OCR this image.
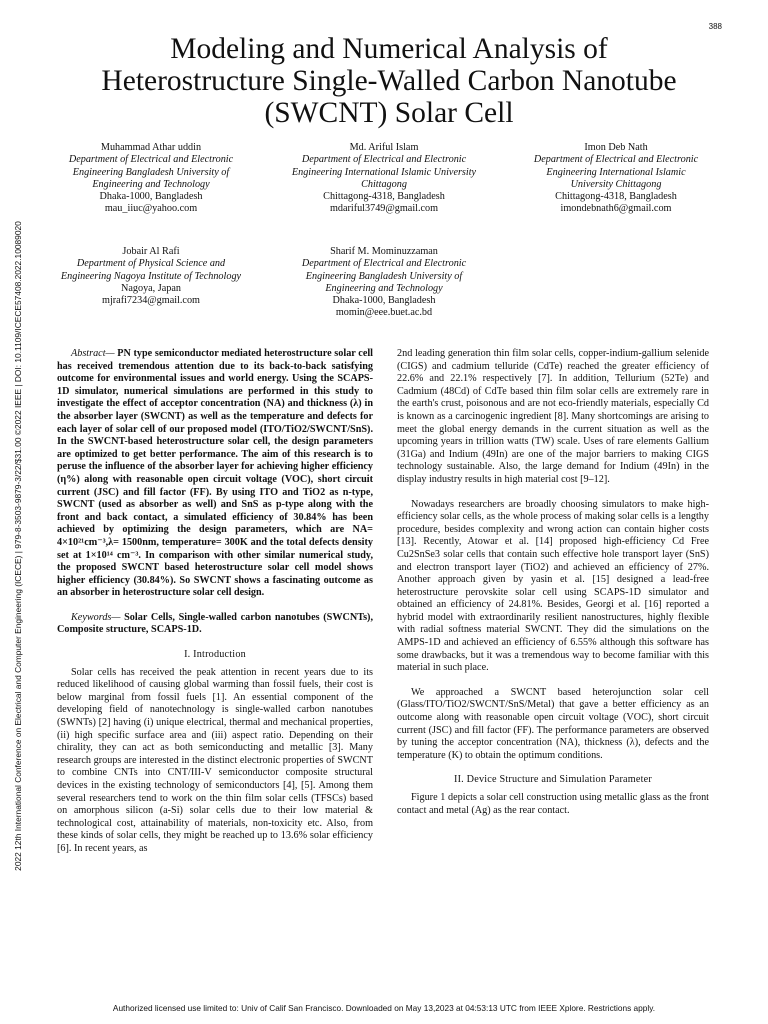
388
2022 12th International Conference on Electrical and Computer Engineering (ICECE) | 979-8-3503-9879-3/22/$31.00 ©2022 IEEE | DOI: 10.1109/ICECE57408.2022.10089020
Modeling and Numerical Analysis of
Heterostructure Single-Walled Carbon Nanotube
(SWCNT) Solar Cell
Muhammad Athar uddin
Department of Electrical and Electronic Engineering Bangladesh University of Engineering and Technology
Dhaka-1000, Bangladesh
mau_iiuc@yahoo.com
Md. Ariful Islam
Department of Electrical and Electronic Engineering International Islamic University Chittagong
Chittagong-4318, Bangladesh
mdariful3749@gmail.com
Imon Deb Nath
Department of Electrical and Electronic Engineering International Islamic University Chittagong
Chittagong-4318, Bangladesh
imondebnath6@gmail.com
Jobair Al Rafi
Department of Physical Science and Engineering Nagoya Institute of Technology
Nagoya, Japan
mjrafi7234@gmail.com
Sharif M. Mominuzzaman
Department of Electrical and Electronic Engineering Bangladesh University of Engineering and Technology
Dhaka-1000, Bangladesh
momin@eee.buet.ac.bd

Abstract— PN type semiconductor mediated heterostructure solar cell has received tremendous attention due to its back-to-back satisfying outcome for environmental issues and world energy. Using the SCAPS-1D simulator, numerical simulations are performed in this study to investigate the effect of acceptor concentration (NA) and thickness (λ) in the absorber layer (SWCNT) as well as the temperature and defects for each layer of solar cell of our proposed model (ITO/TiO2/SWCNT/SnS). In the SWCNT-based heterostructure solar cell, the design parameters are optimized to get better performance. The aim of this research is to peruse the influence of the absorber layer for achieving higher efficiency (η%) along with reasonable open circuit voltage (VOC), short circuit current (JSC) and fill factor (FF). By using ITO and TiO2 as n-type, SWCNT (used as absorber as well) and SnS as p-type along with the front and back contact, a simulated efficiency of 30.84% has been achieved by optimizing the design parameters, which are NA= 4×10²¹cm⁻³,λ= 1500nm, temperature= 300K and the total defects density set at 1×10¹⁴ cm⁻³. In comparison with other similar numerical study, the proposed SWCNT based heterostructure solar cell model shows higher efficiency (30.84%). So SWCNT shows a fascinating outcome as an absorber in heterostructure solar cell design.

Keywords— Solar Cells, Single-walled carbon nanotubes (SWCNTs), Composite structure, SCAPS-1D.

I. Introduction

Solar cells has received the peak attention in recent years due to its reduced likelihood of causing global warming than fossil fuels, their cost is below marginal from fossil fuels [1]. An essential component of the developing field of nanotechnology is single-walled carbon nanotubes (SWNTs) [2] having (i) unique electrical, thermal and mechanical properties, (ii) high specific surface area and (iii) aspect ratio. Depending on their chirality, they can act as both semiconducting and metallic [3]. Many research groups are interested in the distinct electronic properties of SWCNT to combine CNTs into CNT/III-V semiconductor composite structural devices in the existing technology of semiconductors [4], [5]. Among them several researchers tend to work on the thin film solar cells (TFSCs) based on amorphous silicon (a-Si) solar cells due to their low material & technological cost, attainability of materials, non-toxicity etc. Also, from these kinds of solar cells, they might be reached up to 13.6% solar efficiency [6]. In recent years, as

2nd leading generation thin film solar cells, copper-indium-gallium selenide (CIGS) and cadmium telluride (CdTe) reached the greater efficiency of 22.6% and 22.1% respectively [7]. In addition, Tellurium (52Te) and Cadmium (48Cd) of CdTe based thin film solar cells are extremely rare in the earth's crust, poisonous and are not eco-friendly materials, especially Cd is known as a carcinogenic ingredient [8]. Many shortcomings are arising to meet the global energy demands in the current situation as well as the upcoming years in trillion watts (TW) scale. Uses of rare elements Gallium (31Ga) and Indium (49In) are one of the major barriers to making CIGS technology sustainable. Also, the large demand for Indium (49In) in the display industry results in high material cost [9–12].

Nowadays researchers are broadly choosing simulators to make high-efficiency solar cells, as the whole process of making solar cells is a lengthy procedure, besides complexity and wrong action can contain higher costs [13]. Recently, Atowar et al. [14] proposed high-efficiency Cd Free Cu2SnSe3 solar cells that contain such effective hole transport layer (SnS) and electron transport layer (TiO2) and achieved an efficiency of 27%. Another approach given by yasin et al. [15] designed a lead-free heterostructure perovskite solar cell using SCAPS-1D simulator and obtained an efficiency of 24.81%. Besides, Georgi et al. [16] reported a hybrid model with extraordinarily resilient nanostructures, highly flexible with radial softness material SWCNT. They did the simulations on the AMPS-1D and achieved an efficiency of 6.55% although this software has some drawbacks, but it was a tremendous way to become familiar with this material in such place.

We approached a SWCNT based heterojunction solar cell (Glass/ITO/TiO2/SWCNT/SnS/Metal) that gave a better efficiency as an outcome along with reasonable open circuit voltage (VOC), short circuit current (JSC) and fill factor (FF). The performance parameters are observed by tuning the acceptor concentration (NA), thickness (λ), defects and the temperature (K) to obtain the optimum conditions.

II. Device Structure and Simulation Parameter

Figure 1 depicts a solar cell construction using metallic glass as the front contact and metal (Ag) as the rear contact.

Authorized licensed use limited to: Univ of Calif San Francisco. Downloaded on May 13,2023 at 04:53:13 UTC from IEEE Xplore. Restrictions apply.
